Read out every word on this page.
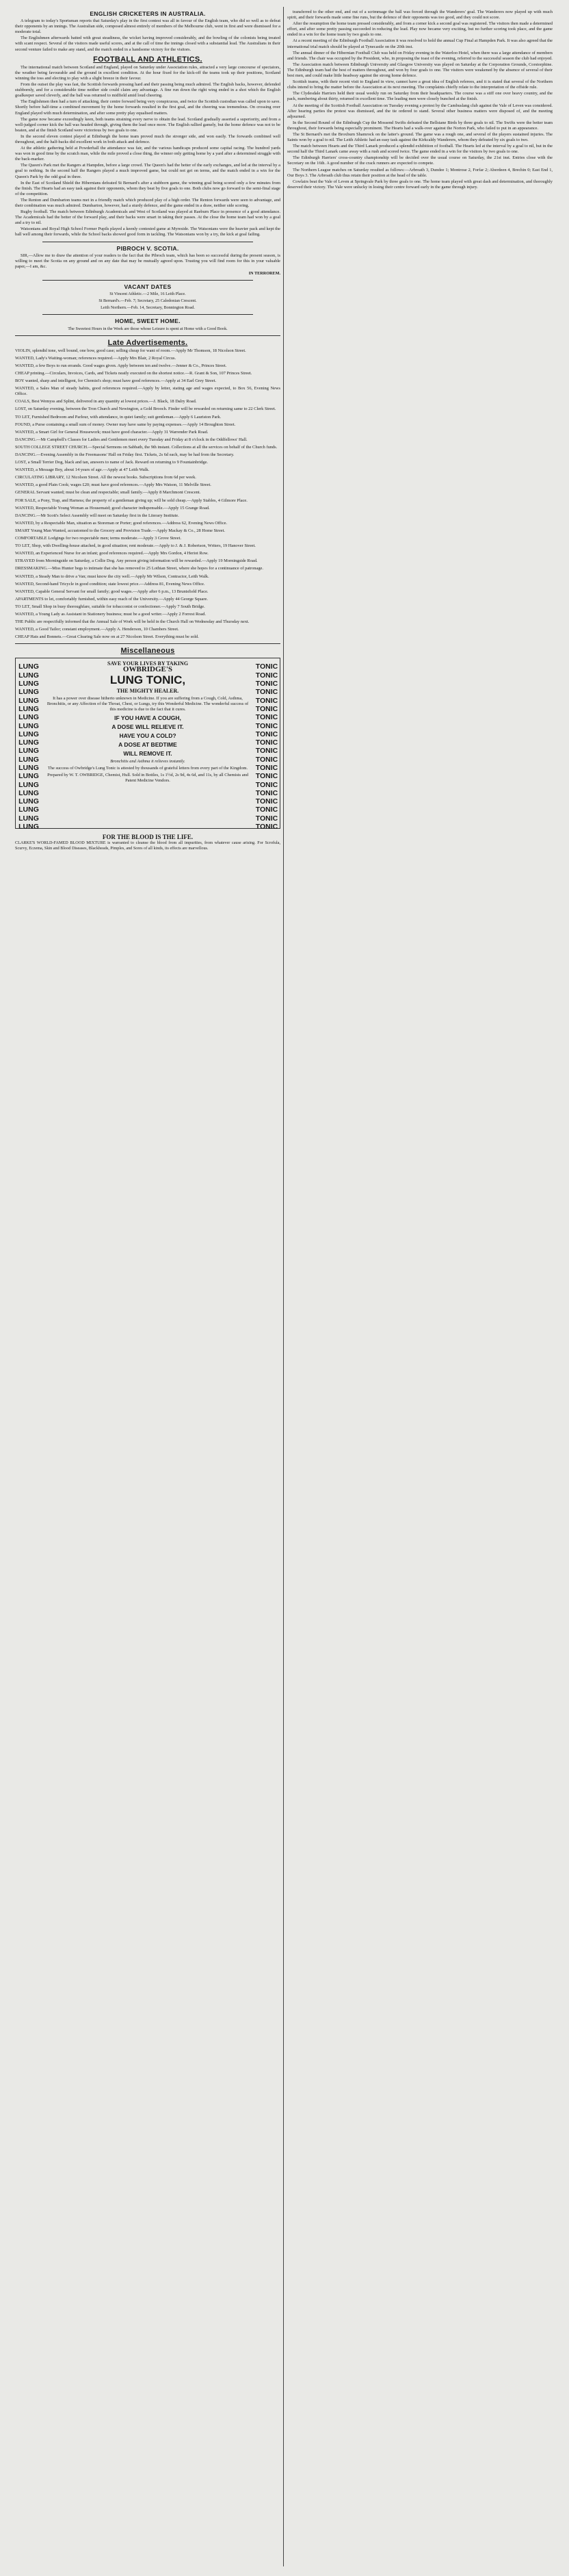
ENGLISH CRICKETERS IN AUSTRALIA.
A telegram to today's Sportsman reports that Saturday's play in the first contest was all in favour of the English team, who did so well as to defeat their opponents by an innings. The Australian side, composed almost entirely of members of the Melbourne club, went in first and were dismissed for a moderate total.
The Englishmen afterwards batted with great steadiness, the wicket having improved considerably, and the bowling of the colonists being treated with scant respect. Several of the visitors made useful scores, and at the call of time the innings closed with a substantial lead. The Australians in their second venture failed to make any stand, and the match ended in a handsome victory for the visitors.
FOOTBALL AND ATHLETICS.
The international match between Scotland and England, played on Saturday under Association rules, attracted a very large concourse of spectators, the weather being favourable and the ground in excellent condition. At the hour fixed for the kick-off the teams took up their positions, Scotland winning the toss and electing to play with a slight breeze in their favour.
From the outset the play was fast, the Scottish forwards pressing hard and their passing being much admired. The English backs, however, defended stubbornly, and for a considerable time neither side could claim any advantage. A fine run down the right wing ended in a shot which the English goalkeeper saved cleverly, and the ball was returned to midfield amid loud cheering.
The Englishmen then had a turn of attacking, their centre forward being very conspicuous, and twice the Scottish custodian was called upon to save. Shortly before half-time a combined movement by the home forwards resulted in the first goal, and the cheering was tremendous. On crossing over England played with much determination, and after some pretty play equalised matters.
The game now became exceedingly keen, both teams straining every nerve to obtain the lead. Scotland gradually asserted a superiority, and from a well-judged corner kick the ball was headed through, giving them the lead once more. The English rallied gamely, but the home defence was not to be beaten, and at the finish Scotland were victorious by two goals to one.
In the second eleven contest played at Edinburgh the home team proved much the stronger side, and won easily. The forwards combined well throughout, and the half-backs did excellent work in both attack and defence.
At the athletic gathering held at Powderhall the attendance was fair, and the various handicaps produced some capital racing. The hundred yards was won in good time by the scratch man, while the mile proved a close thing, the winner only getting home by a yard after a determined struggle with the back-marker.
The Queen's Park met the Rangers at Hampden, before a large crowd. The Queen's had the better of the early exchanges, and led at the interval by a goal to nothing. In the second half the Rangers played a much improved game, but could not get on terms, and the match ended in a win for the Queen's Park by the odd goal in three.
In the East of Scotland Shield the Hibernians defeated St Bernard's after a stubborn game, the winning goal being scored only a few minutes from the finish. The Hearts had an easy task against their opponents, whom they beat by five goals to one. Both clubs now go forward to the semi-final stage of the competition.
The Renton and Dumbarton teams met in a friendly match which produced play of a high order. The Renton forwards were seen to advantage, and their combination was much admired. Dumbarton, however, had a sturdy defence, and the game ended in a draw, neither side scoring.
Rugby football. The match between Edinburgh Academicals and West of Scotland was played at Raeburn Place in presence of a good attendance. The Academicals had the better of the forward play, and their backs were smart in taking their passes. At the close the home team had won by a goal and a try to nil.
Watsonians and Royal High School Former Pupils played a keenly contested game at Myreside. The Watsonians were the heavier pack and kept the ball well among their forwards, while the School backs showed good form in tackling. The Watsonians won by a try, the kick at goal failing.
PIBROCH V. SCOTIA.
SIR,—Allow me to draw the attention of your readers to the fact that the Pibroch team, which has been so successful during the present season, is willing to meet the Scotia on any ground and on any date that may be mutually agreed upon. Trusting you will find room for this in your valuable paper,—I am, &c.
IN TERROREM.
VACANT DATES
St Vincent Athletic.—2 Mile, 16 Leith Place.
St Bernard's.—Feb. 7; Secretary, 25 Caledonian Crescent.
Leith Northern.—Feb. 14, Secretary, Bonnington Road.
HOME, SWEET HOME.
The Sweetest Hours in the Week are those whose Leisure is spent at Home with a Good Book.
Late Advertisements.
VIOLIN, splendid tone, well bound, one bow, good case; selling cheap for want of room.—Apply Mr Thomson, 18 Nicolson Street.
WANTED, Lady's Waiting-woman; references required.—Apply Mrs Blair, 2 Royal Circus.
WANTED, a few Boys to run errands. Good wages given. Apply between ten and twelve.—Jenner & Co., Princes Street.
CHEAP printing.—Circulars, Invoices, Cards, and Tickets neatly executed on the shortest notice.—R. Grant & Son, 107 Princes Street.
BOY wanted, sharp and intelligent, for Chemist's shop; must have good references.—Apply at 34 Earl Grey Street.
WANTED, a Sales Man of steady habits, good references required.—Apply by letter, stating age and wages expected, to Box 56, Evening News Office.
COALS, Best Wemyss and Splint, delivered in any quantity at lowest prices.—J. Black, 18 Dalry Road.
LOST, on Saturday evening, between the Tron Church and Newington, a Gold Brooch. Finder will be rewarded on returning same to 22 Clerk Street.
TO LET, Furnished Bedroom and Parlour, with attendance, in quiet family; suit gentleman.—Apply 6 Lauriston Park.
FOUND, a Purse containing a small sum of money. Owner may have same by paying expenses.—Apply 14 Broughton Street.
WANTED, a Smart Girl for General Housework; must have good character.—Apply 31 Warrender Park Road.
DANCING.—Mr Campbell's Classes for Ladies and Gentlemen meet every Tuesday and Friday at 8 o'clock in the Oddfellows' Hall.
SOUTH COLLEGE STREET CHURCH.—Special Sermons on Sabbath, the 9th instant. Collections at all the services on behalf of the Church funds.
DANCING.—Evening Assembly in the Freemasons' Hall on Friday first. Tickets, 2s 6d each, may be had from the Secretary.
LOST, a Small Terrier Dog, black and tan, answers to name of Jack. Reward on returning to 9 Fountainbridge.
WANTED, a Message Boy, about 14 years of age.—Apply at 47 Leith Walk.
CIRCULATING LIBRARY, 12 Nicolson Street. All the newest books. Subscriptions from 6d per week.
WANTED, a good Plain Cook; wages £20; must have good references.—Apply Mrs Watson, 11 Melville Street.
GENERAL Servant wanted; must be clean and respectable; small family.—Apply 8 Marchmont Crescent.
FOR SALE, a Pony, Trap, and Harness; the property of a gentleman giving up; will be sold cheap.—Apply Stables, 4 Gilmore Place.
WANTED, Respectable Young Woman as Housemaid; good character indispensable.—Apply 15 Grange Road.
DANCING.—Mr Scott's Select Assembly will meet on Saturday first in the Literary Institute.
WANTED, by a Respectable Man, situation as Storeman or Porter; good references.—Address 62, Evening News Office.
SMART Young Man Wanted, accustomed to the Grocery and Provision Trade.—Apply Mackay & Co., 28 Home Street.
COMFORTABLE Lodgings for two respectable men; terms moderate.—Apply 3 Grove Street.
TO LET, Shop, with Dwelling-house attached, in good situation; rent moderate.—Apply to J. & J. Robertson, Writers, 19 Hanover Street.
WANTED, an Experienced Nurse for an infant; good references required.—Apply Mrs Gordon, 4 Heriot Row.
STRAYED from Morningside on Saturday, a Collie Dog. Any person giving information will be rewarded.—Apply 19 Morningside Road.
DRESSMAKING.—Miss Hunter begs to intimate that she has removed to 25 Lothian Street, where she hopes for a continuance of patronage.
WANTED, a Steady Man to drive a Van; must know the city well.—Apply Mr Wilson, Contractor, Leith Walk.
WANTED, Second-hand Tricycle in good condition; state lowest price.—Address 81, Evening News Office.
WANTED, Capable General Servant for small family; good wages.—Apply after 6 p.m., 13 Bruntsfield Place.
APARTMENTS to let, comfortably furnished, within easy reach of the University.—Apply 44 George Square.
TO LET, Small Shop in busy thoroughfare, suitable for tobacconist or confectioner.—Apply 7 South Bridge.
WANTED, a Young Lady as Assistant in Stationery business; must be a good writer.—Apply 2 Forrest Road.
THE Public are respectfully informed that the Annual Sale of Work will be held in the Church Hall on Wednesday and Thursday next.
WANTED, a Good Tailor; constant employment.—Apply A. Henderson, 10 Chambers Street.
CHEAP Hats and Bonnets.—Great Clearing Sale now on at 27 Nicolson Street. Everything must be sold.
Miscellaneous
LUNG
LUNG
LUNG
LUNG
LUNG
LUNG
LUNG
LUNG
LUNG
LUNG
LUNG
LUNG
LUNG
LUNG
LUNG
LUNG
LUNG
LUNG
LUNG
LUNG
TONIC
TONIC
TONIC
TONIC
TONIC
TONIC
TONIC
TONIC
TONIC
TONIC
TONIC
TONIC
TONIC
TONIC
TONIC
TONIC
TONIC
TONIC
TONIC
TONIC
SAVE YOUR LIVES BY TAKING
OWBRIDGE'S
LUNG TONIC,
THE MIGHTY HEALER.
It has a power over disease hitherto unknown in Medicine. If you are suffering from a Cough, Cold, Asthma, Bronchitis, or any Affection of the Throat, Chest, or Lungs, try this Wonderful Medicine. The wonderful success of this medicine is due to the fact that it cures.
IF YOU HAVE A COUGH,
A DOSE WILL RELIEVE IT.
HAVE YOU A COLD?
A DOSE AT BEDTIME
WILL REMOVE IT.
Bronchitis and Asthma it relieves instantly.
The success of Owbridge's Lung Tonic is attested by thousands of grateful letters from every part of the Kingdom.
Prepared by W. T. OWBRIDGE, Chemist, Hull. Sold in Bottles, 1s 1½d, 2s 9d, 4s 6d, and 11s, by all Chemists and Patent Medicine Vendors.
FOR THE BLOOD IS THE LIFE.
CLARKE'S WORLD-FAMED BLOOD MIXTURE is warranted to cleanse the blood from all impurities, from whatever cause arising. For Scrofula, Scurvy, Eczema, Skin and Blood Diseases, Blackheads, Pimples, and Sores of all kinds, its effects are marvellous.
transferred to the other end, and out of a scrimmage the ball was forced through the Wanderers' goal. The Wanderers now played up with much spirit, and their forwards made some fine runs, but the defence of their opponents was too good, and they could not score.
After the resumption the home team pressed considerably, and from a corner kick a second goal was registered. The visitors then made a determined effort, and after some pretty passing succeeded in reducing the lead. Play now became very exciting, but no further scoring took place, and the game ended in a win for the home team by two goals to one.
At a recent meeting of the Edinburgh Football Association it was resolved to hold the annual Cup Final at Hampden Park. It was also agreed that the international trial match should be played at Tynecastle on the 20th inst.
The annual dinner of the Hibernian Football Club was held on Friday evening in the Waterloo Hotel, when there was a large attendance of members and friends. The chair was occupied by the President, who, in proposing the toast of the evening, referred to the successful season the club had enjoyed.
The Association match between Edinburgh University and Glasgow University was played on Saturday at the Corporation Grounds, Corstorphine. The Edinburgh team had the best of matters throughout, and won by four goals to one. The visitors were weakened by the absence of several of their best men, and could make little headway against the strong home defence.
Scottish teams, with their recent visit to England in view, cannot have a great idea of English referees, and it is stated that several of the Northern clubs intend to bring the matter before the Association at its next meeting. The complaints chiefly relate to the interpretation of the offside rule.
The Clydesdale Harriers held their usual weekly run on Saturday from their headquarters. The course was a stiff one over heavy country, and the pack, numbering about thirty, returned in excellent time. The leading men were closely bunched at the finish.
At the meeting of the Scottish Football Association on Tuesday evening a protest by the Cambuslang club against the Vale of Leven was considered. After hearing parties the protest was dismissed, and the tie ordered to stand. Several other business matters were disposed of, and the meeting adjourned.
In the Second Round of the Edinburgh Cup the Mossend Swifts defeated the Bellstane Birds by three goals to nil. The Swifts were the better team throughout, their forwards being especially prominent. The Hearts had a walk-over against the Norton Park, who failed to put in an appearance.
The St Bernard's met the Broxburn Shamrock on the latter's ground. The game was a rough one, and several of the players sustained injuries. The Saints won by a goal to nil. The Leith Athletic had an easy task against the Kirkcaldy Wanderers, whom they defeated by six goals to two.
The match between Hearts and the Third Lanark produced a splendid exhibition of football. The Hearts led at the interval by a goal to nil, but in the second half the Third Lanark came away with a rush and scored twice. The game ended in a win for the visitors by two goals to one.
The Edinburgh Harriers' cross-country championship will be decided over the usual course on Saturday, the 21st inst. Entries close with the Secretary on the 16th. A good number of the crack runners are expected to compete.
The Northern League matches on Saturday resulted as follows:—Arbroath 3, Dundee 1; Montrose 2, Forfar 2; Aberdeen 4, Brechin 0; East End 1, Our Boys 3. The Arbroath club thus retain their position at the head of the table.
Cowlairs beat the Vale of Leven at Springvale Park by three goals to one. The home team played with great dash and determination, and thoroughly deserved their victory. The Vale were unlucky in losing their centre forward early in the game through injury.
